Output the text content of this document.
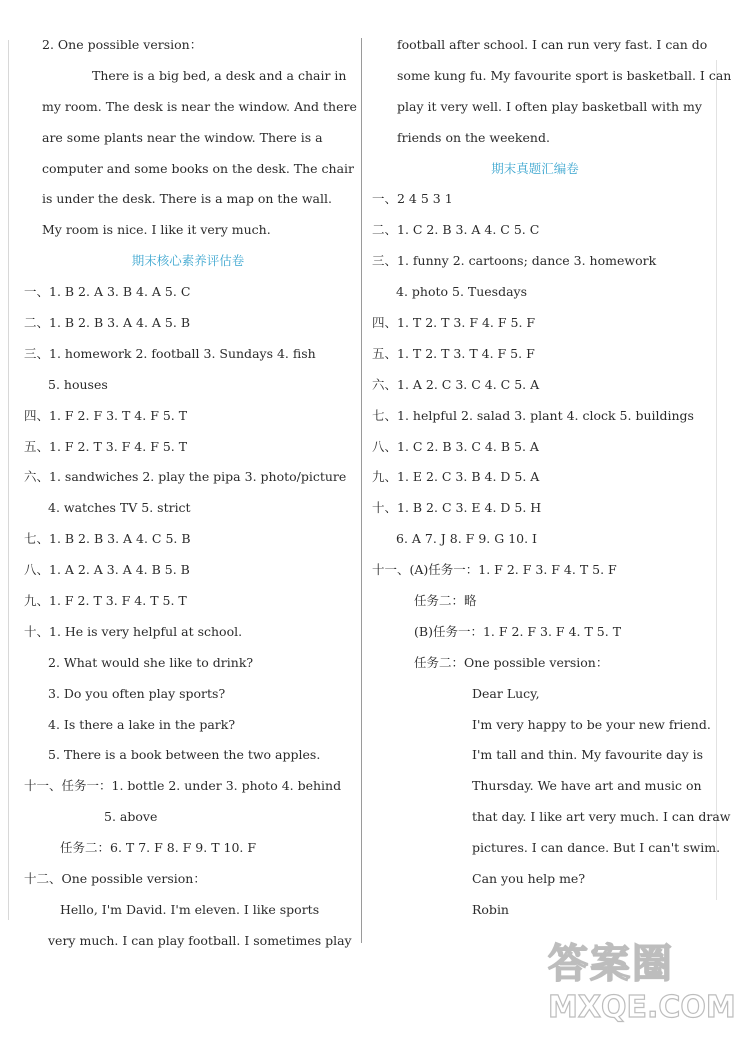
2. One possible version：
There is a big bed, a desk and a chair in
my room. The desk is near the window. And there
are some plants near the window. There is a
computer and some books on the desk. The chair
is under the desk. There is a map on the wall.
My room is nice. I like it very much.
期末核心素养评估卷
一、1. B 2. A 3. B 4. A 5. C
二、1. B 2. B 3. A 4. A 5. B
三、1. homework 2. football 3. Sundays 4. fish
5. houses
四、1. F 2. F 3. T 4. F 5. T
五、1. F 2. T 3. F 4. F 5. T
六、1. sandwiches 2. play the pipa 3. photo/picture
4. watches TV 5. strict
七、1. B 2. B 3. A 4. C 5. B
八、1. A 2. A 3. A 4. B 5. B
九、1. F 2. T 3. F 4. T 5. T
十、1. He is very helpful at school.
2. What would she like to drink?
3. Do you often play sports?
4. Is there a lake in the park?
5. There is a book between the two apples.
十一、任务一：1. bottle 2. under 3. photo 4. behind
5. above
任务二：6. T 7. F 8. F 9. T 10. F
十二、One possible version：
Hello, I'm David. I'm eleven. I like sports
very much. I can play football. I sometimes play
football after school. I can run very fast. I can do
some kung fu. My favourite sport is basketball. I can
play it very well. I often play basketball with my
friends on the weekend.
期末真题汇编卷
一、2 4 5 3 1
二、1. C 2. B 3. A 4. C 5. C
三、1. funny 2. cartoons; dance 3. homework
4. photo 5. Tuesdays
四、1. T 2. T 3. F 4. F 5. F
五、1. T 2. T 3. T 4. F 5. F
六、1. A 2. C 3. C 4. C 5. A
七、1. helpful 2. salad 3. plant 4. clock 5. buildings
八、1. C 2. B 3. C 4. B 5. A
九、1. E 2. C 3. B 4. D 5. A
十、1. B 2. C 3. E 4. D 5. H
6. A 7. J 8. F 9. G 10. I
十一、(A)任务一：1. F 2. F 3. F 4. T 5. F
任务二：略
(B)任务一：1. F 2. F 3. F 4. T 5. T
任务二：One possible version：
Dear Lucy,
I'm very happy to be your new friend.
I'm tall and thin. My favourite day is
Thursday. We have art and music on
that day. I like art very much. I can draw
pictures. I can dance. But I can't swim.
Can you help me?
Robin
答案圈
MXQE.COM
